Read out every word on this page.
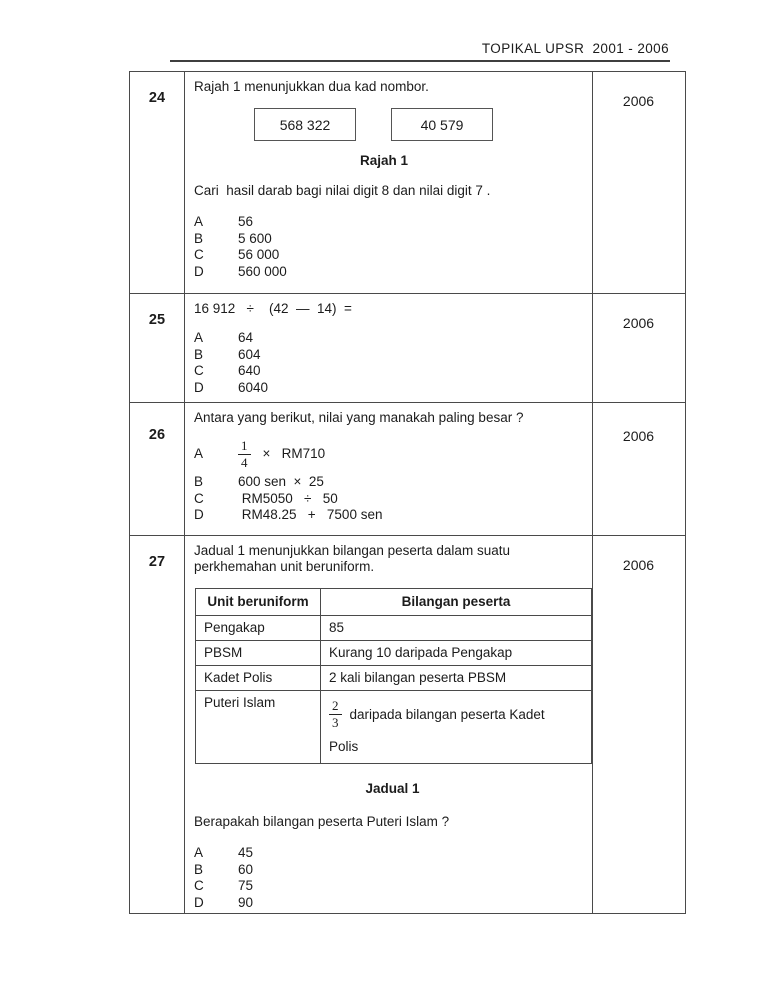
TOPIKAL UPSR  2001 - 2006
24
Rajah 1 menunjukkan dua kad nombor.
568 322	40 579
Rajah 1
Cari  hasil darab bagi nilai digit 8 dan nilai digit 7 .
A	56
B	5 600
C	56 000
D	560 000
2006
25
16 912   ÷    (42  —  14)  =
A	64
B	604
C	640
D	6040
2006
26
Antara yang berikut, nilai yang manakah paling besar ?
A	$\frac{1}{4} \times RM710$
B	600 sen  ×  25
C	RM5050   ÷   50
D	RM48.25   +   7500 sen
2006
27
Jadual 1 menunjukkan bilangan peserta dalam suatu
perkhemahan unit beruniform.
Unit beruniform	Bilangan peserta
Pengakap	85
PBSM	Kurang 10 daripada Pengakap
Kadet Polis	2 kali bilangan peserta PBSM
Puteri Islam	$\frac{2}{3}$ daripada bilangan peserta Kadet
Polis
Jadual 1
Berapakah bilangan peserta Puteri Islam ?
A	45
B	60
C	75
D	90
2006
